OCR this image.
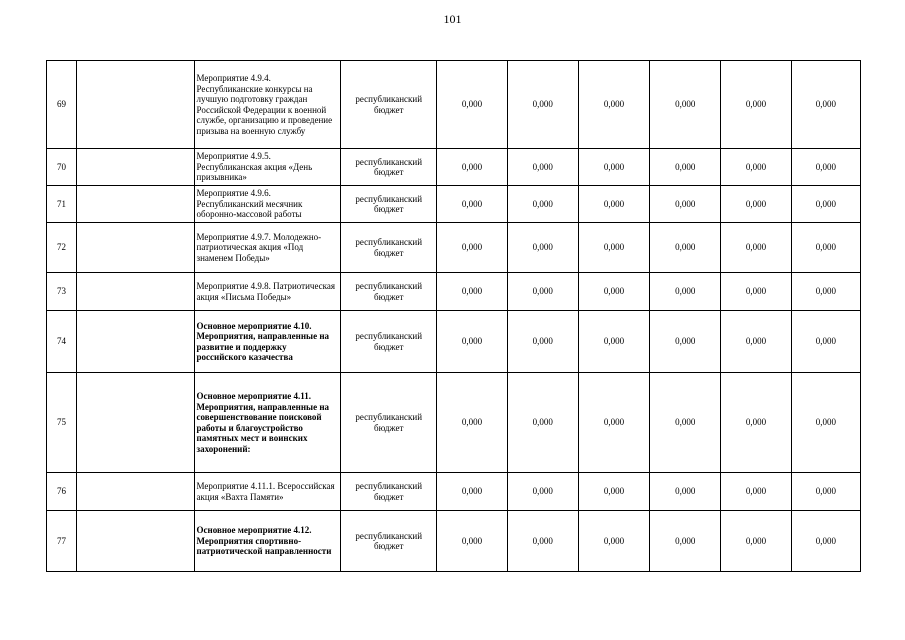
101
69		Мероприятие 4.9.4. Республиканские конкурсы на лучшую подготовку граждан Российской Федерации к военной службе, организацию и проведение призыва на военную службу	республиканский бюджет	0,000	0,000	0,000	0,000	0,000	0,000
70		Мероприятие 4.9.5. Республиканская акция «День призывника»	республиканский бюджет	0,000	0,000	0,000	0,000	0,000	0,000
71		Мероприятие 4.9.6. Республиканский месячник оборонно-массовой работы	республиканский бюджет	0,000	0,000	0,000	0,000	0,000	0,000
72		Мероприятие 4.9.7. Молодежно-патриотическая акция «Под знаменем Победы»	республиканский бюджет	0,000	0,000	0,000	0,000	0,000	0,000
73		Мероприятие 4.9.8. Патриотическая акция «Письма Победы»	республиканский бюджет	0,000	0,000	0,000	0,000	0,000	0,000
74		Основное мероприятие 4.10. Мероприятия, направленные на развитие и поддержку российского казачества	республиканский бюджет	0,000	0,000	0,000	0,000	0,000	0,000
75		Основное мероприятие 4.11. Мероприятия, направленные на совершенствование поисковой работы и благоустройство памятных мест и воинских захоронений:	республиканский бюджет	0,000	0,000	0,000	0,000	0,000	0,000
76		Мероприятие 4.11.1. Всероссийская акция «Вахта Памяти»	республиканский бюджет	0,000	0,000	0,000	0,000	0,000	0,000
77		Основное мероприятие 4.12. Мероприятия спортивно-патриотической направленности	республиканский бюджет	0,000	0,000	0,000	0,000	0,000	0,000
